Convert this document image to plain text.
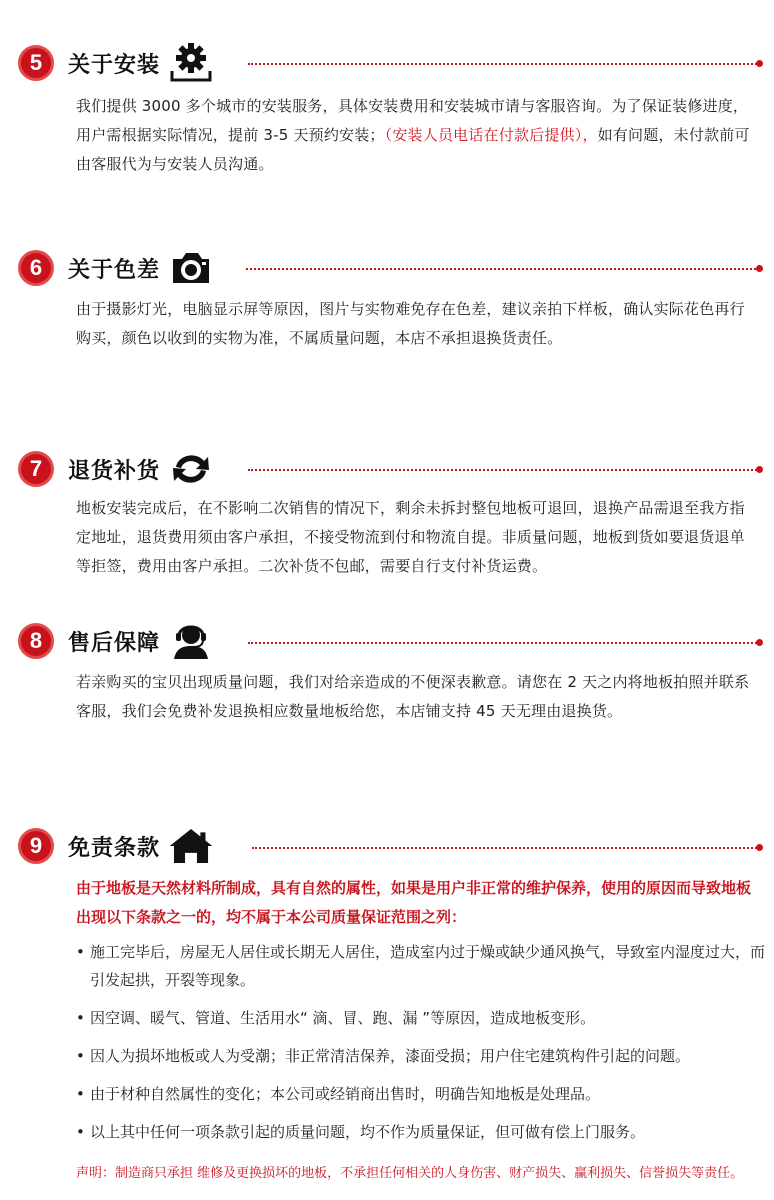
5	关于安装
我们提供 3000 多个城市的安装服务，具体安装费用和安装城市请与客服咨询。为了保证装修进度，用户需根据实际情况，提前 3-5 天预约安装；（安装人员电话在付款后提供），如有问题，未付款前可由客服代为与安装人员沟通。
6	关于色差
由于摄影灯光，电脑显示屏等原因，图片与实物难免存在色差，建议亲拍下样板，确认实际花色再行购买，颜色以收到的实物为准，不属质量问题，本店不承担退换货责任。
7	退货补货
地板安装完成后，在不影响二次销售的情况下，剩余未拆封整包地板可退回，退换产品需退至我方指定地址，退货费用须由客户承担，不接受物流到付和物流自提。非质量问题，地板到货如要退货退单等拒签，费用由客户承担。二次补货不包邮，需要自行支付补货运费。
8	售后保障
若亲购买的宝贝出现质量问题，我们对给亲造成的不便深表歉意。请您在 2 天之内将地板拍照并联系客服，我们会免费补发退换相应数量地板给您，本店铺支持 45 天无理由退换货。
9	免责条款
由于地板是天然材料所制成，具有自然的属性，如果是用户非正常的维护保养，使用的原因而导致地板出现以下条款之一的，均不属于本公司质量保证范围之列：
• 施工完毕后，房屋无人居住或长期无人居住，造成室内过于燥或缺少通风换气，导致室内湿度过大，而引发起拱，开裂等现象。
• 因空调、暖气、管道、生活用水“ 滴、冒、跑、漏 ”等原因，造成地板变形。
• 因人为损坏地板或人为受潮；非正常清洁保养，漆面受损；用户住宅建筑构件引起的问题。
• 由于材种自然属性的变化；本公司或经销商出售时，明确告知地板是处理品。
• 以上其中任何一项条款引起的质量问题，均不作为质量保证，但可做有偿上门服务。
声明：制造商只承担 维修及更换损坏的地板，不承担任何相关的人身伤害、财产损失、赢利损失、信誉损失等责任。
